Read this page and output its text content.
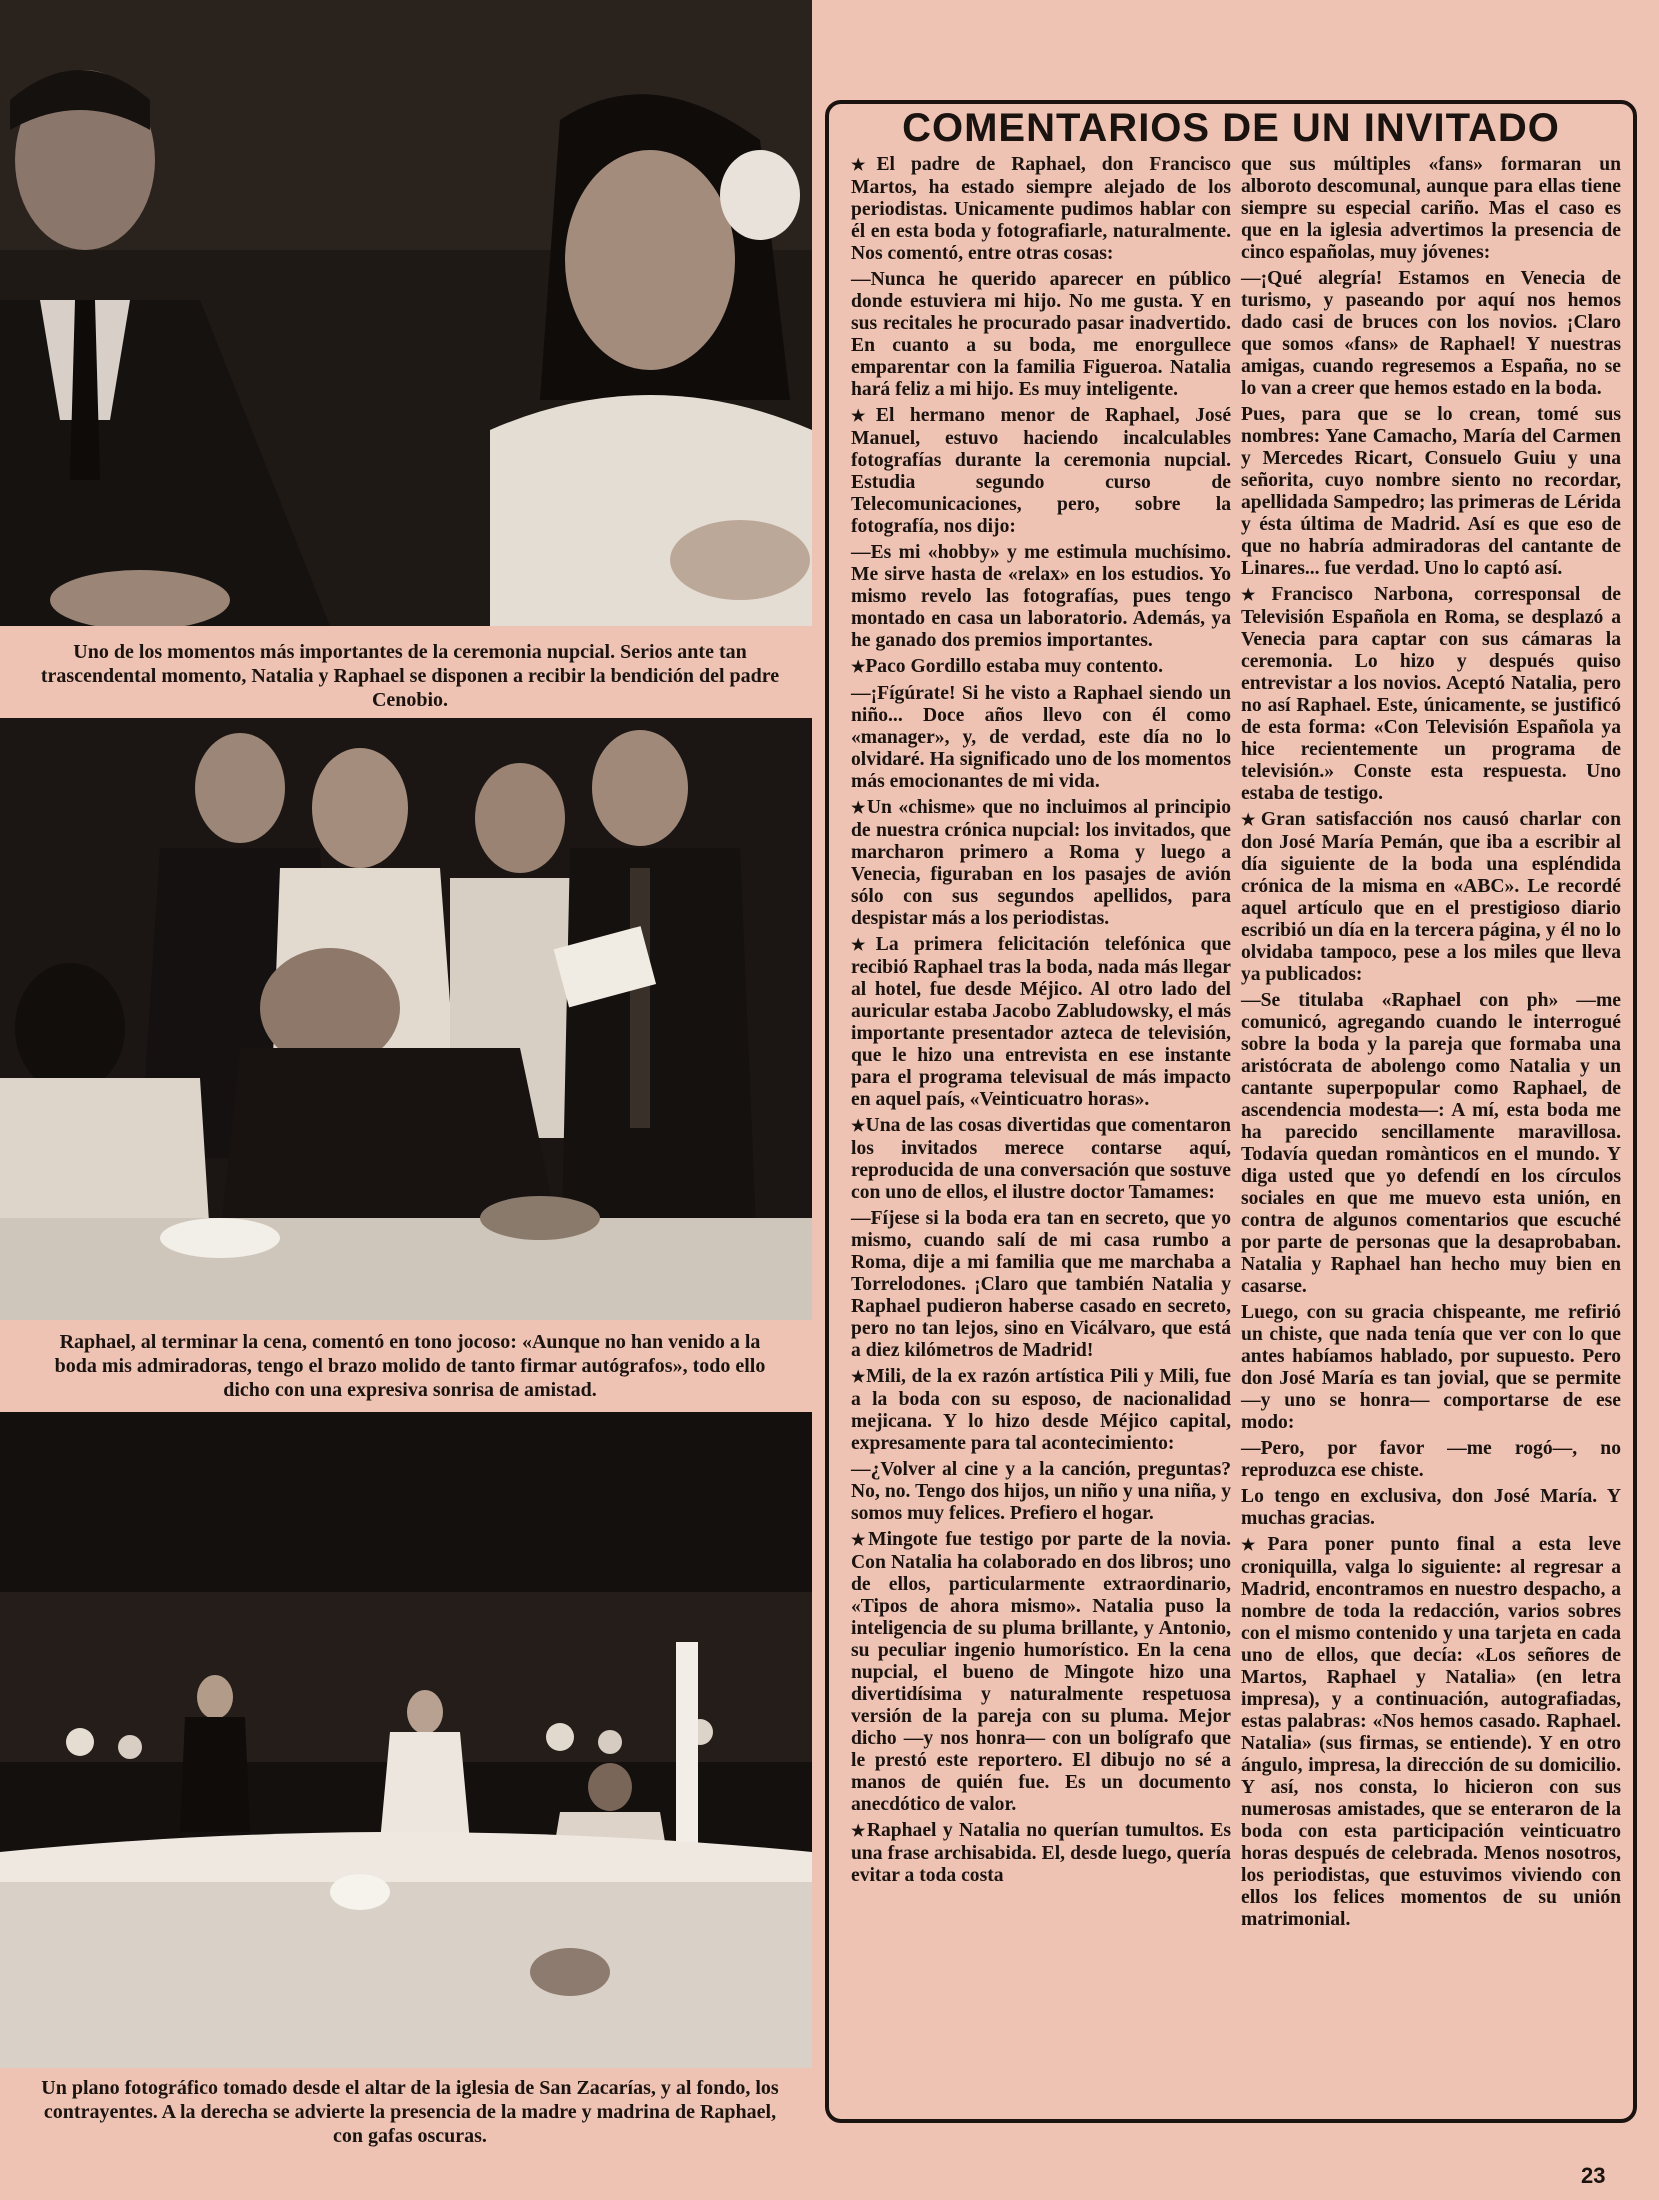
Uno de los momentos más importantes de la ceremonia nupcial. Serios ante tan trascendental momento, Natalia y Raphael se disponen a recibir la bendición del padre Cenobio.
Raphael, al terminar la cena, comentó en tono jocoso: «Aunque no han venido a la boda mis admiradoras, tengo el brazo molido de tanto firmar autógrafos», todo ello dicho con una expresiva sonrisa de amistad.
Un plano fotográfico tomado desde el altar de la iglesia de San Zacarías, y al fondo, los contrayentes. A la derecha se advierte la presencia de la madre y madrina de Raphael, con gafas oscuras.
COMENTARIOS DE UN INVITADO

★ El padre de Raphael, don Francisco Martos, ha estado siempre alejado de los periodistas. Unicamente pudimos hablar con él en esta boda y fotografiarle, naturalmente. Nos comentó, entre otras cosas:

—Nunca he querido aparecer en público donde estuviera mi hijo. No me gusta. Y en sus recitales he procurado pasar inadvertido. En cuanto a su boda, me enorgullece emparentar con la familia Figueroa. Natalia hará feliz a mi hijo. Es muy inteligente.

★ El hermano menor de Raphael, José Manuel, estuvo haciendo incalculables fotografías durante la ceremonia nupcial. Estudia segundo curso de Telecomunicaciones, pero, sobre la fotografía, nos dijo:

—Es mi «hobby» y me estimula muchísimo. Me sirve hasta de «relax» en los estudios. Yo mismo revelo las fotografías, pues tengo montado en casa un laboratorio. Además, ya he ganado dos premios importantes.

★ Paco Gordillo estaba muy contento.

—¡Fígúrate! Si he visto a Raphael siendo un niño... Doce años llevo con él como «manager», y, de verdad, este día no lo olvidaré. Ha significado uno de los momentos más emocionantes de mi vida.

★ Un «chisme» que no incluimos al principio de nuestra crónica nupcial: los invitados, que marcharon primero a Roma y luego a Venecia, figuraban en los pasajes de avión sólo con sus segundos apellidos, para despistar más a los periodistas.

★ La primera felicitación telefónica que recibió Raphael tras la boda, nada más llegar al hotel, fue desde Méjico. Al otro lado del auricular estaba Jacobo Zabludowsky, el más importante presentador azteca de televisión, que le hizo una entrevista en ese instante para el programa televisual de más impacto en aquel país, «Veinticuatro horas».

★ Una de las cosas divertidas que comentaron los invitados merece contarse aquí, reproducida de una conversación que sostuve con uno de ellos, el ilustre doctor Tamames:

—Fíjese si la boda era tan en secreto, que yo mismo, cuando salí de mi casa rumbo a Roma, dije a mi familia que me marchaba a Torrelodones. ¡Claro que también Natalia y Raphael pudieron haberse casado en secreto, pero no tan lejos, sino en Vicálvaro, que está a diez kilómetros de Madrid!

★ Mili, de la ex razón artística Pili y Mili, fue a la boda con su esposo, de nacionalidad mejicana. Y lo hizo desde Méjico capital, expresamente para tal acontecimiento:

—¿Volver al cine y a la canción, preguntas? No, no. Tengo dos hijos, un niño y una niña, y somos muy felices. Prefiero el hogar.

★ Mingote fue testigo por parte de la novia. Con Natalia ha colaborado en dos libros; uno de ellos, particularmente extraordinario, «Tipos de ahora mismo». Natalia puso la inteligencia de su pluma brillante, y Antonio, su peculiar ingenio humorístico. En la cena nupcial, el bueno de Mingote hizo una divertidísima y naturalmente respetuosa versión de la pareja con su pluma. Mejor dicho —y nos honra— con un bolígrafo que le prestó este reportero. El dibujo no sé a manos de quién fue. Es un documento anecdótico de valor.

★ Raphael y Natalia no querían tumultos. Es una frase archisabida. El, desde luego, quería evitar a toda costa

que sus múltiples «fans» formaran un alboroto descomunal, aunque para ellas tiene siempre su especial cariño. Mas el caso es que en la iglesia advertimos la presencia de cinco españolas, muy jóvenes:

—¡Qué alegría! Estamos en Venecia de turismo, y paseando por aquí nos hemos dado casi de bruces con los novios. ¡Claro que somos «fans» de Raphael! Y nuestras amigas, cuando regresemos a España, no se lo van a creer que hemos estado en la boda.

Pues, para que se lo crean, tomé sus nombres: Yane Camacho, María del Carmen y Mercedes Ricart, Consuelo Guiu y una señorita, cuyo nombre siento no recordar, apellidada Sampedro; las primeras de Lérida y ésta última de Madrid. Así es que eso de que no habría admiradoras del cantante de Linares... fue verdad. Uno lo captó así.

★ Francisco Narbona, corresponsal de Televisión Española en Roma, se desplazó a Venecia para captar con sus cámaras la ceremonia. Lo hizo y después quiso entrevistar a los novios. Aceptó Natalia, pero no así Raphael. Este, únicamente, se justificó de esta forma: «Con Televisión Española ya hice recientemente un programa de televisión.» Conste esta respuesta. Uno estaba de testigo.

★ Gran satisfacción nos causó charlar con don José María Pemán, que iba a escribir al día siguiente de la boda una espléndida crónica de la misma en «ABC». Le recordé aquel artículo que en el prestigioso diario escribió un día en la tercera página, y él no lo olvidaba tampoco, pese a los miles que lleva ya publicados:

—Se titulaba «Raphael con ph» —me comunicó, agregando cuando le interrogué sobre la boda y la pareja que formaba una aristócrata de abolengo como Natalia y un cantante superpopular como Raphael, de ascendencia modesta—: A mí, esta boda me ha parecido sencillamente maravillosa. Todavía quedan romànticos en el mundo. Y diga usted que yo defendí en los círculos sociales en que me muevo esta unión, en contra de algunos comentarios que escuché por parte de personas que la desaprobaban. Natalia y Raphael han hecho muy bien en casarse.

Luego, con su gracia chispeante, me refirió un chiste, que nada tenía que ver con lo que antes habíamos hablado, por supuesto. Pero don José María es tan jovial, que se permite —y uno se honra— comportarse de ese modo:

—Pero, por favor —me rogó—, no reproduzca ese chiste.

Lo tengo en exclusiva, don José María. Y muchas gracias.

★ Para poner punto final a esta leve croniquilla, valga lo siguiente: al regresar a Madrid, encontramos en nuestro despacho, a nombre de toda la redacción, varios sobres con el mismo contenido y una tarjeta en cada uno de ellos, que decía: «Los señores de Martos, Raphael y Natalia» (en letra impresa), y a continuación, autografiadas, estas palabras: «Nos hemos casado. Raphael. Natalia» (sus firmas, se entiende). Y en otro ángulo, impresa, la dirección de su domicilio. Y así, nos consta, lo hicieron con sus numerosas amistades, que se enteraron de la boda con esta participación veinticuatro horas después de celebrada. Menos nosotros, los periodistas, que estuvimos viviendo con ellos los felices momentos de su unión matrimonial.

23
